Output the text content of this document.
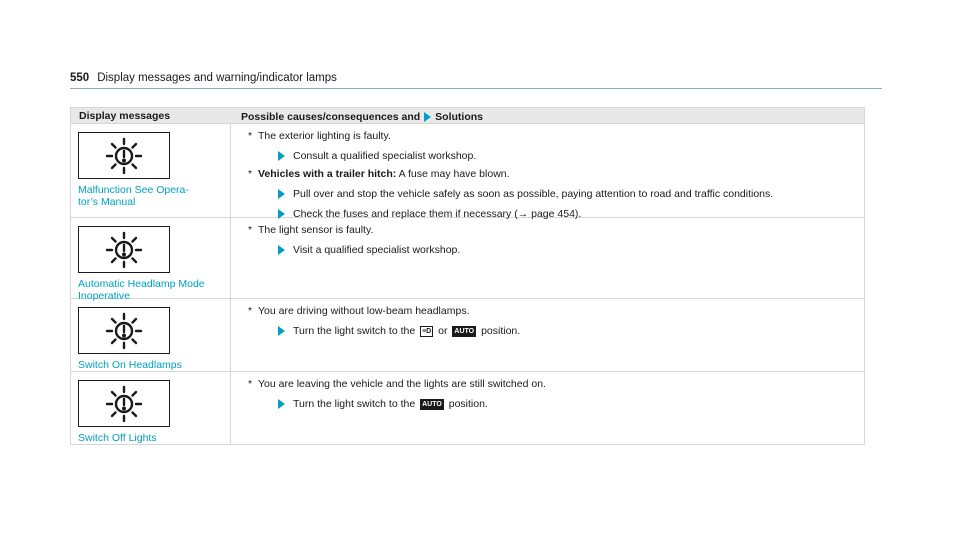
550 Display messages and warning/indicator lamps
Display messages	Possible causes/consequences and Solutions
Malfunction See Opera-
tor’s Manual
* The exterior lighting is faulty.
Consult a qualified specialist workshop.
* Vehicles with a trailer hitch: A fuse may have blown.
Pull over and stop the vehicle safely as soon as possible, paying attention to road and traffic conditions.
Check the fuses and replace them if necessary (→ page 454).
Automatic Headlamp Mode
Inoperative
* The light sensor is faulty.
Visit a qualified specialist workshop.
Switch On Headlamps
* You are driving without low-beam headlamps.
Turn the light switch to the ≡D or AUTO position.
Switch Off Lights
* You are leaving the vehicle and the lights are still switched on.
Turn the light switch to the AUTO position.
